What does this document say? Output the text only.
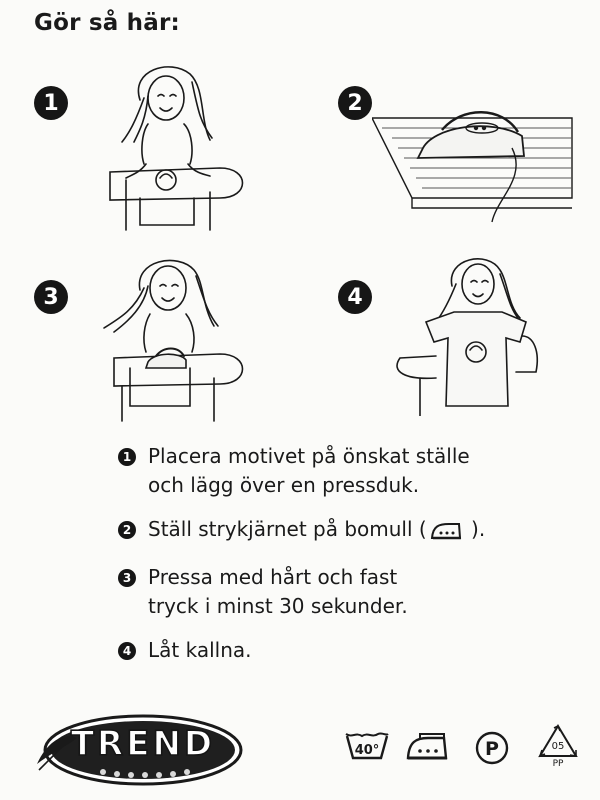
Gör så här:
1	2
3	4
1 Placera motivet på önskat ställe
och lägg över en pressduk.
2 Ställ strykjärnet på bomull ( ).
3 Pressa med hårt och fast
tryck i minst 30 sekunder.
4 Låt kallna.
TREND	40°	P	05
PP
